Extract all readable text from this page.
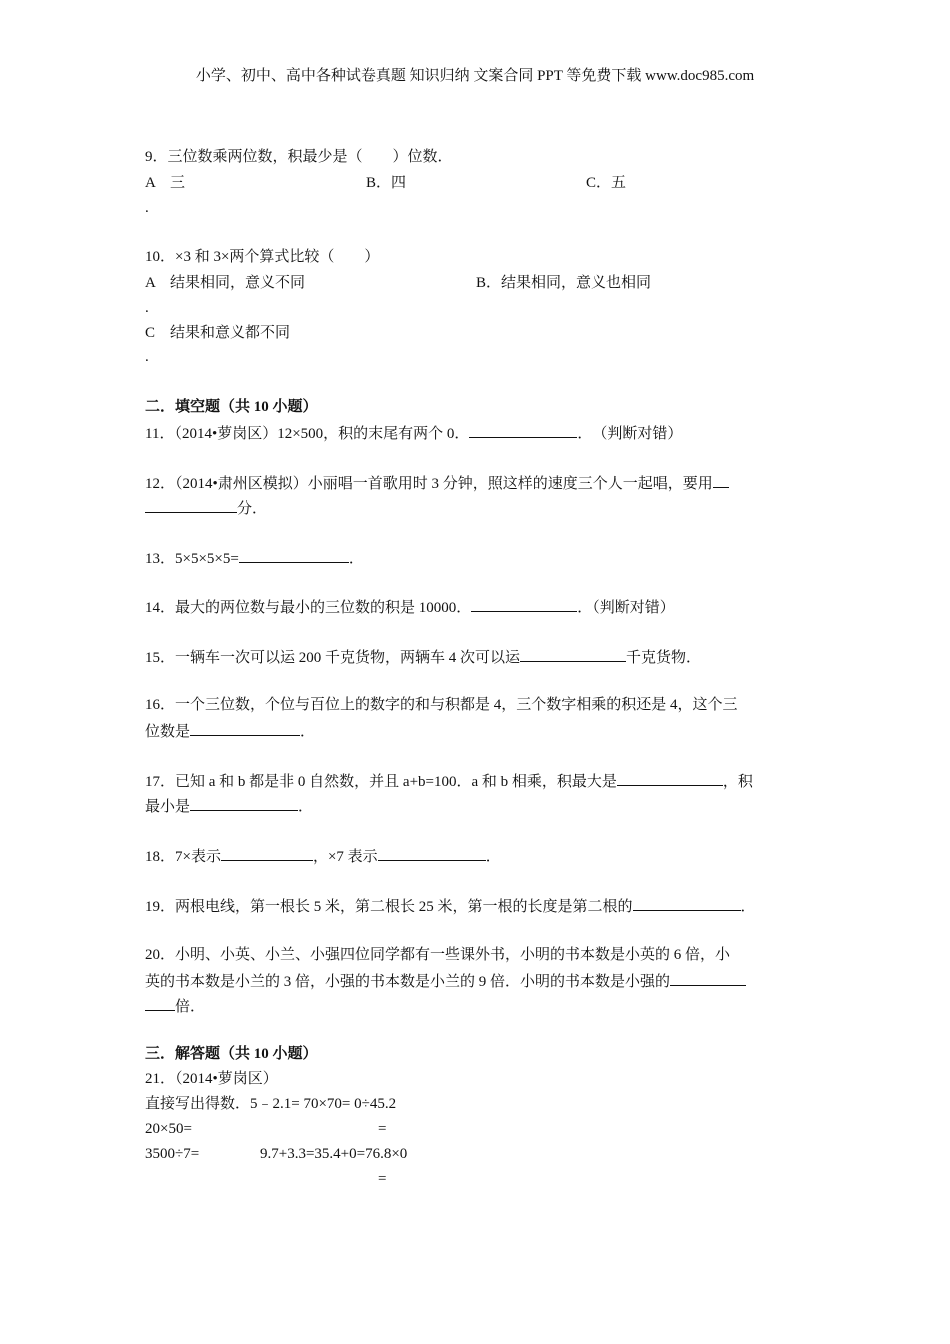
小学、初中、高中各种试卷真题 知识归纳 文案合同 PPT 等免费下载 www.doc985.com
9．三位数乘两位数，积最少是（　　）位数．
A　三	B．四	C．五
.
10．×3 和 3×两个算式比较（　　）
A　结果相同，意义不同	B．结果相同，意义也相同
.
C　结果和意义都不同
.
二．填空题（共 10 小题）
11．（2014•萝岗区）12×500，积的末尾有两个 0．	．　（判断对错）
12．（2014•肃州区模拟）小丽唱一首歌用时 3 分钟，照这样的速度三个人一起唱，要用
分．
13．5×5×5×5=	．
14．最大的两位数与最小的三位数的积是 10000．	．（判断对错）
15．一辆车一次可以运 200 千克货物，两辆车 4 次可以运	千克货物．
16．一个三位数，个位与百位上的数字的和与积都是 4，三个数字相乘的积还是 4，这个三
位数是	．
17．已知 a 和 b 都是非 0 自然数，并且 a+b=100．a 和 b 相乘，积最大是	，积
最小是	．
18．7×表示	，×7 表示	．
19．两根电线，第一根长 5 米，第二根长 25 米，第一根的长度是第二根的	．
20．小明、小英、小兰、小强四位同学都有一些课外书，小明的书本数是小英的 6 倍，小
英的书本数是小兰的 3 倍，小强的书本数是小兰的 9 倍．小明的书本数是小强的
倍．
三．解答题（共 10 小题）
21．（2014•萝岗区）
直接写出得数．5﹣2.1= 70×70= 0÷45.2
20×50=	=
3500÷7=	9.7+3.3=35.4+0=76.8×0
=
